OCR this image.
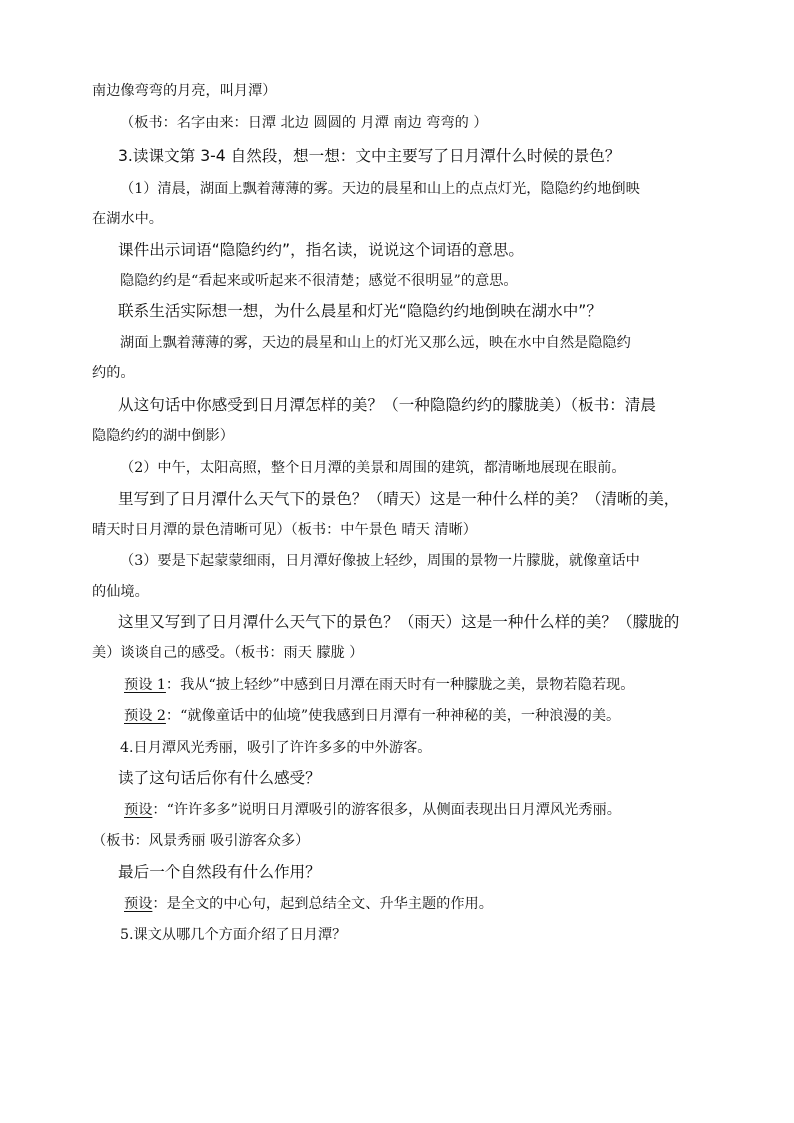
南边像弯弯的月亮，叫月潭）
（板书：名字由来：日潭 北边 圆圆的 月潭 南边 弯弯的 ）
3.读课文第 3-4 自然段，想一想：文中主要写了日月潭什么时候的景色？
（1）清晨，湖面上飘着薄薄的雾。天边的晨星和山上的点点灯光，隐隐约约地倒映
在湖水中。
课件出示词语“隐隐约约”，指名读，说说这个词语的意思。
隐隐约约是“看起来或听起来不很清楚；感觉不很明显”的意思。
联系生活实际想一想，为什么晨星和灯光“隐隐约约地倒映在湖水中”？
湖面上飘着薄薄的雾，天边的晨星和山上的灯光又那么远，映在水中自然是隐隐约
约的。
从这句话中你感受到日月潭怎样的美？（一种隐隐约约的朦胧美）（板书：清晨
隐隐约约的湖中倒影）
（2）中午，太阳高照，整个日月潭的美景和周围的建筑，都清晰地展现在眼前。
里写到了日月潭什么天气下的景色？（晴天）这是一种什么样的美？（清晰的美，
晴天时日月潭的景色清晰可见）（板书：中午景色 晴天 清晰）
（3）要是下起蒙蒙细雨，日月潭好像披上轻纱，周围的景物一片朦胧，就像童话中
的仙境。
这里又写到了日月潭什么天气下的景色？（雨天）这是一种什么样的美？（朦胧的
美）谈谈自己的感受。（板书：雨天 朦胧 ）
预设 1：我从“披上轻纱”中感到日月潭在雨天时有一种朦胧之美，景物若隐若现。
预设 2：“就像童话中的仙境”使我感到日月潭有一种神秘的美，一种浪漫的美。
4.日月潭风光秀丽，吸引了许许多多的中外游客。
读了这句话后你有什么感受？
预设：“许许多多”说明日月潭吸引的游客很多，从侧面表现出日月潭风光秀丽。
（板书：风景秀丽 吸引游客众多）
最后一个自然段有什么作用？
预设：是全文的中心句，起到总结全文、升华主题的作用。
5.课文从哪几个方面介绍了日月潭？
